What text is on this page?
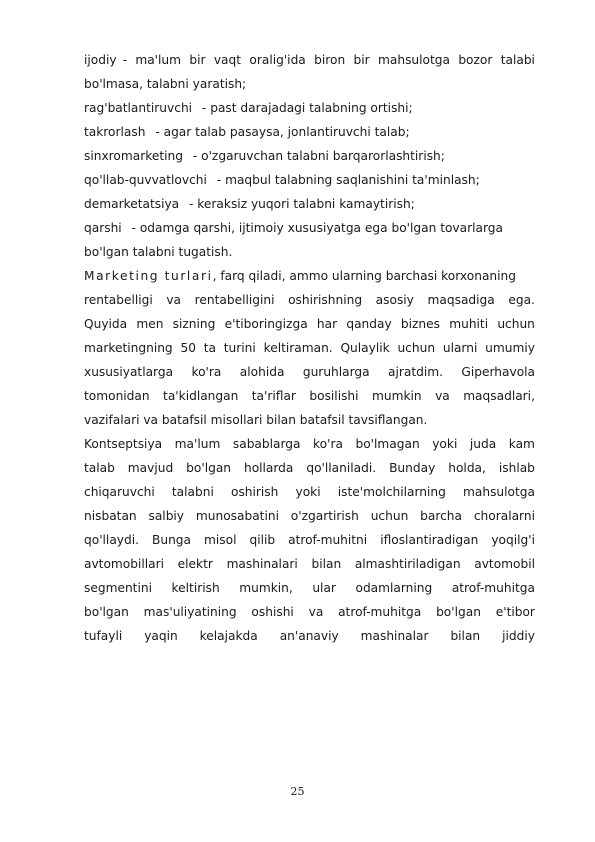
ijodiy - ma'lum bir vaqt oralig'ida biron bir mahsulotga bozor talabi
bo'lmasa, talabni yaratish;
rag'batlantiruvchi - past darajadagi talabning ortishi;
takrorlash - agar talab pasaysa, jonlantiruvchi talab;
sinxromarketing - o'zgaruvchan talabni barqarorlashtirish;
qo'llab-quvvatlovchi - maqbul talabning saqlanishini ta'minlash;
demarketatsiya - keraksiz yuqori talabni kamaytirish;
qarshi - odamga qarshi, ijtimoiy xususiyatga ega bo'lgan tovarlarga
bo'lgan talabni tugatish.
Marketing turlari, farq qiladi, ammo ularning barchasi korxonaning
rentabelligi va rentabelligini oshirishning asosiy maqsadiga ega.
Quyida men sizning e'tiboringizga har qanday biznes muhiti uchun
marketingning 50 ta turini keltiraman. Qulaylik uchun ularni umumiy
xususiyatlarga ko'ra alohida guruhlarga ajratdim. Giperhavola
tomonidan ta'kidlangan ta'riflar bosilishi mumkin va maqsadlari,
vazifalari va batafsil misollari bilan batafsil tavsiflangan.
Kontseptsiya ma'lum sabablarga ko'ra bo'lmagan yoki juda kam
talab mavjud bo'lgan hollarda qo'llaniladi. Bunday holda, ishlab
chiqaruvchi talabni oshirish yoki iste'molchilarning mahsulotga
nisbatan salbiy munosabatini o'zgartirish uchun barcha choralarni
qo'llaydi. Bunga misol qilib atrof-muhitni ifloslantiradigan yoqilg'i
avtomobillari elektr mashinalari bilan almashtiriladigan avtomobil
segmentini keltirish mumkin, ular odamlarning atrof-muhitga
bo'lgan mas'uliyatining oshishi va atrof-muhitga bo'lgan e'tibor
tufayli yaqin kelajakda an'anaviy mashinalar bilan jiddiy
25
